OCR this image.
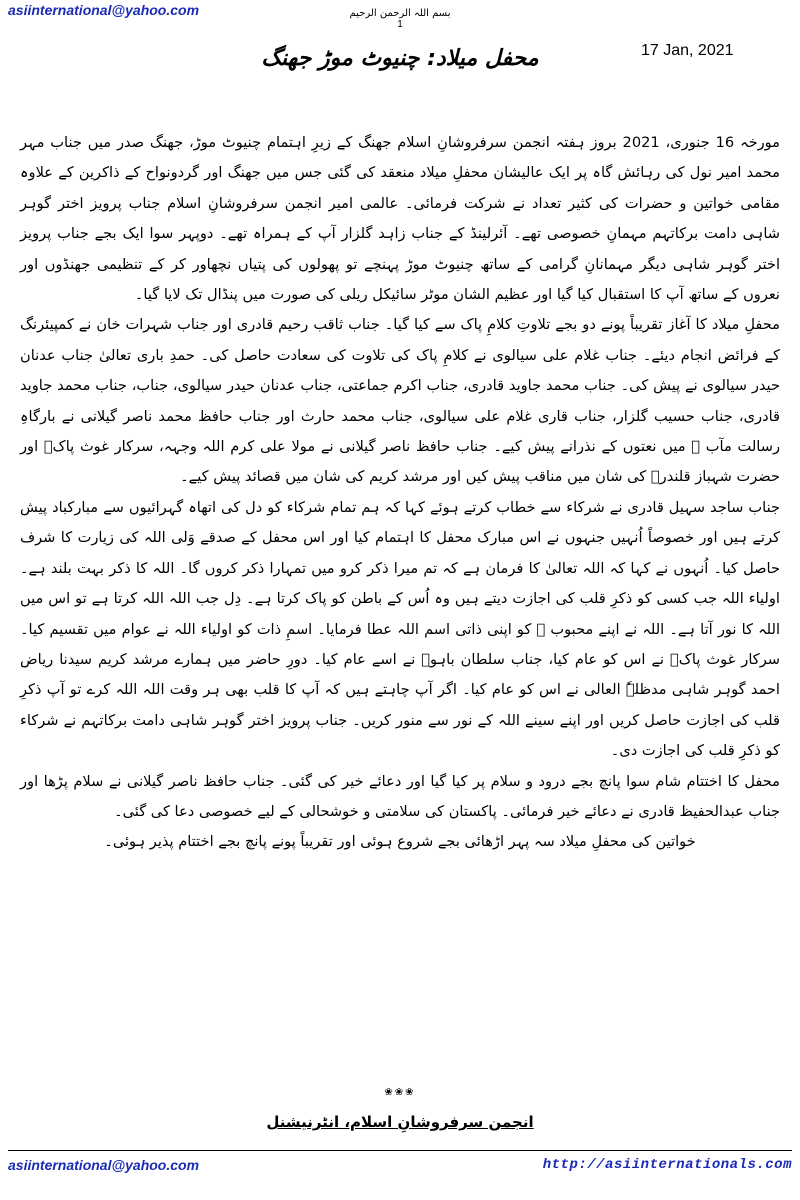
asiinternational@yahoo.com	بسم اللہ الرحمن الرحیم
1
17 Jan, 2021
محفل میلاد: چنیوٹ موڑ جھنگ

مورخہ 16 جنوری، 2021 بروز ہفتہ انجمن سرفروشانِ اسلام جھنگ کے زیرِ اہتمام چنیوٹ موڑ، جھنگ صدر میں جناب مہر محمد امیر نول کی رہائش گاہ پر ایک عالیشان محفلِ میلاد منعقد کی گئی جس میں جھنگ اور گردونواح کے ذاکرین کے علاوہ مقامی خواتین و حضرات کی کثیر تعداد نے شرکت فرمائی۔ عالمی امیر انجمن سرفروشانِ اسلام جناب پرویز اختر گوہر شاہی دامت برکاتہم مہمانِ خصوصی تھے۔ آئرلینڈ کے جناب زاہد گلزار آپ کے ہمراہ تھے۔ دوپہر سوا ایک بجے جناب پرویز اختر گوہر شاہی دیگر مہمانانِ گرامی کے ساتھ چنیوٹ موڑ پہنچے تو پھولوں کی پتیاں نچھاور کر کے تنظیمی جھنڈوں اور نعروں کے ساتھ آپ کا استقبال کیا گیا اور عظیم الشان موٹر سائیکل ریلی کی صورت میں پنڈال تک لایا گیا۔

محفلِ میلاد کا آغاز تقریباً پونے دو بجے تلاوتِ کلامِ پاک سے کیا گیا۔ جناب ثاقب رحیم قادری اور جناب شہرات خان نے کمپیئرنگ کے فرائض انجام دیئے۔ جناب غلام علی سیالوی نے کلامِ پاک کی تلاوت کی سعادت حاصل کی۔ حمدِ باری تعالیٰ جناب عدنان حیدر سیالوی نے پیش کی۔ جناب محمد جاوید قادری، جناب اکرم جماعتی، جناب عدنان حیدر سیالوی، جناب، جناب محمد جاوید قادری، جناب حسیب گلزار، جناب قاری غلام علی سیالوی، جناب محمد حارث اور جناب حافظ محمد ناصر گیلانی نے بارگاہِ رسالت مآب ﷺ میں نعتوں کے نذرانے پیش کیے۔ جناب حافظ ناصر گیلانی نے مولا علی کرم اللہ وجہہ، سرکار غوث پاکؒ اور حضرت شہباز قلندرؒ کی شان میں مناقب پیش کیں اور مرشد کریم کی شان میں قصائد پیش کیے۔

جناب ساجد سہیل قادری نے شرکاء سے خطاب کرتے ہوئے کہا کہ ہم تمام شرکاء کو دل کی اتھاہ گہرائیوں سے مبارکباد پیش کرتے ہیں اور خصوصاً اُنہیں جنہوں نے اس مبارک محفل کا اہتمام کیا اور اس محفل کے صدقے وَلی اللہ کی زیارت کا شرف حاصل کیا۔ اُنہوں نے کہا کہ اللہ تعالیٰ کا فرمان ہے کہ تم میرا ذکر کرو میں تمہارا ذکر کروں گا۔ اللہ کا ذکر بہت بلند ہے۔ اولیاء اللہ جب کسی کو ذکرِ قلب کی اجازت دیتے ہیں وہ اُس کے باطن کو پاک کرتا ہے۔ دِل جب اللہ اللہ کرتا ہے تو اس میں اللہ کا نور آتا ہے۔ اللہ نے اپنے محبوب ﷺ کو اپنی ذاتی اسم اللہ عطا فرمایا۔ اسمِ ذات کو اولیاء اللہ نے عوام میں تقسیم کیا۔ سرکار غوث پاکؒ نے اس کو عام کیا، جناب سلطان باہوؒ نے اسے عام کیا۔ دورِ حاضر میں ہمارے مرشد کریم سیدنا ریاض احمد گوہر شاہی مدظلہٗ العالی نے اس کو عام کیا۔ اگر آپ چاہتے ہیں کہ آپ کا قلب بھی ہر وقت اللہ اللہ کرے تو آپ ذکرِ قلب کی اجازت حاصل کریں اور اپنے سینے اللہ کے نور سے منور کریں۔ جناب پرویز اختر گوہر شاہی دامت برکاتہم نے شرکاء کو ذکرِ قلب کی اجازت دی۔

محفل کا اختتام شام سوا پانچ بجے درود و سلام پر کیا گیا اور دعائے خیر کی گئی۔ جناب حافظ ناصر گیلانی نے سلام پڑھا اور جناب عبدالحفیظ قادری نے دعائے خیر فرمائی۔ پاکستان کی سلامتی و خوشحالی کے لیے خصوصی دعا کی گئی۔

خواتین کی محفلِ میلاد سہ پہر اڑھائی بجے شروع ہوئی اور تقریباً پونے پانچ بجے اختتام پذیر ہوئی۔

❀❀❀
انجمن سرفروشانِ اسلام، انٹرنیشنل
asiinternational@yahoo.com	http://asiinternationals.com
